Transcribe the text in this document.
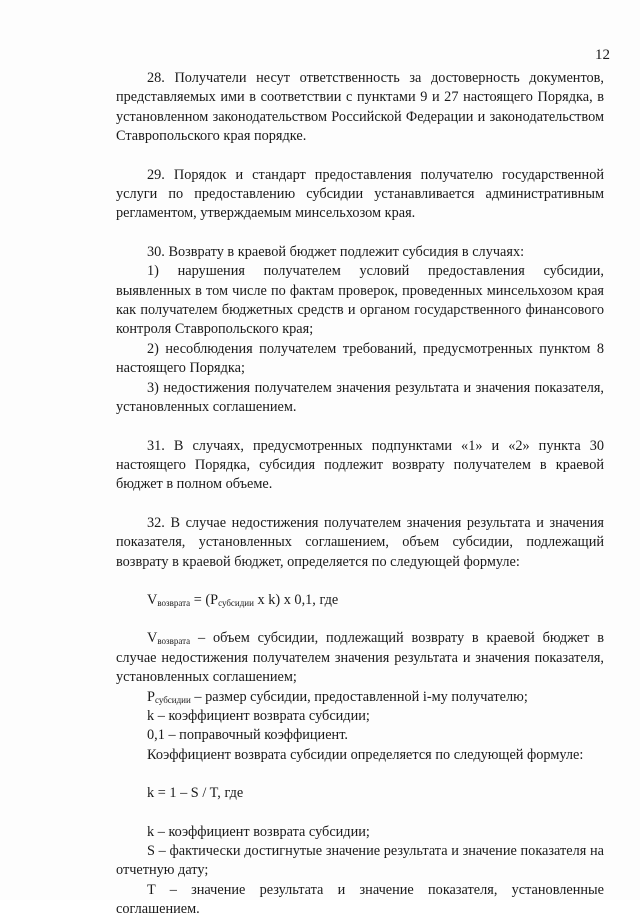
12

28. Получатели несут ответственность за достоверность документов, представляемых ими в соответствии с пунктами 9 и 27 настоящего Порядка, в установленном законодательством Российской Федерации и законодательством Ставропольского края порядке.

29. Порядок и стандарт предоставления получателю государственной услуги по предоставлению субсидии устанавливается административным регламентом, утверждаемым минсельхозом края.

30. Возврату в краевой бюджет подлежит субсидия в случаях:

1) нарушения получателем условий предоставления субсидии, выявленных в том числе по фактам проверок, проведенных минсельхозом края как получателем бюджетных средств и органом государственного финансового контроля Ставропольского края;

2) несоблюдения получателем требований, предусмотренных пунктом 8 настоящего Порядка;

3) недостижения получателем значения результата и значения показателя, установленных соглашением.

31. В случаях, предусмотренных подпунктами «1» и «2» пункта 30 настоящего Порядка, субсидия подлежит возврату получателем в краевой бюджет в полном объеме.

32. В случае недостижения получателем значения результата и значения показателя, установленных соглашением, объем субсидии, подлежащий возврату в краевой бюджет, определяется по следующей формуле:

$V_{возврата} = (P_{субсидии}$ x k) x 0,1, где

$V_{возврата}$ – объем субсидии, подлежащий возврату в краевой бюджет в случае недостижения получателем значения результата и значения показателя, установленных соглашением;

$P_{субсидии}$ – размер субсидии, предоставленной i-му получателю;

k – коэффициент возврата субсидии;

0,1 – поправочный коэффициент.

Коэффициент возврата субсидии определяется по следующей формуле:

k = 1 – S / T, где

k – коэффициент возврата субсидии;

S – фактически достигнутые значение результата и значение показателя на отчетную дату;

T – значение результата и значение показателя, установленные соглашением.
